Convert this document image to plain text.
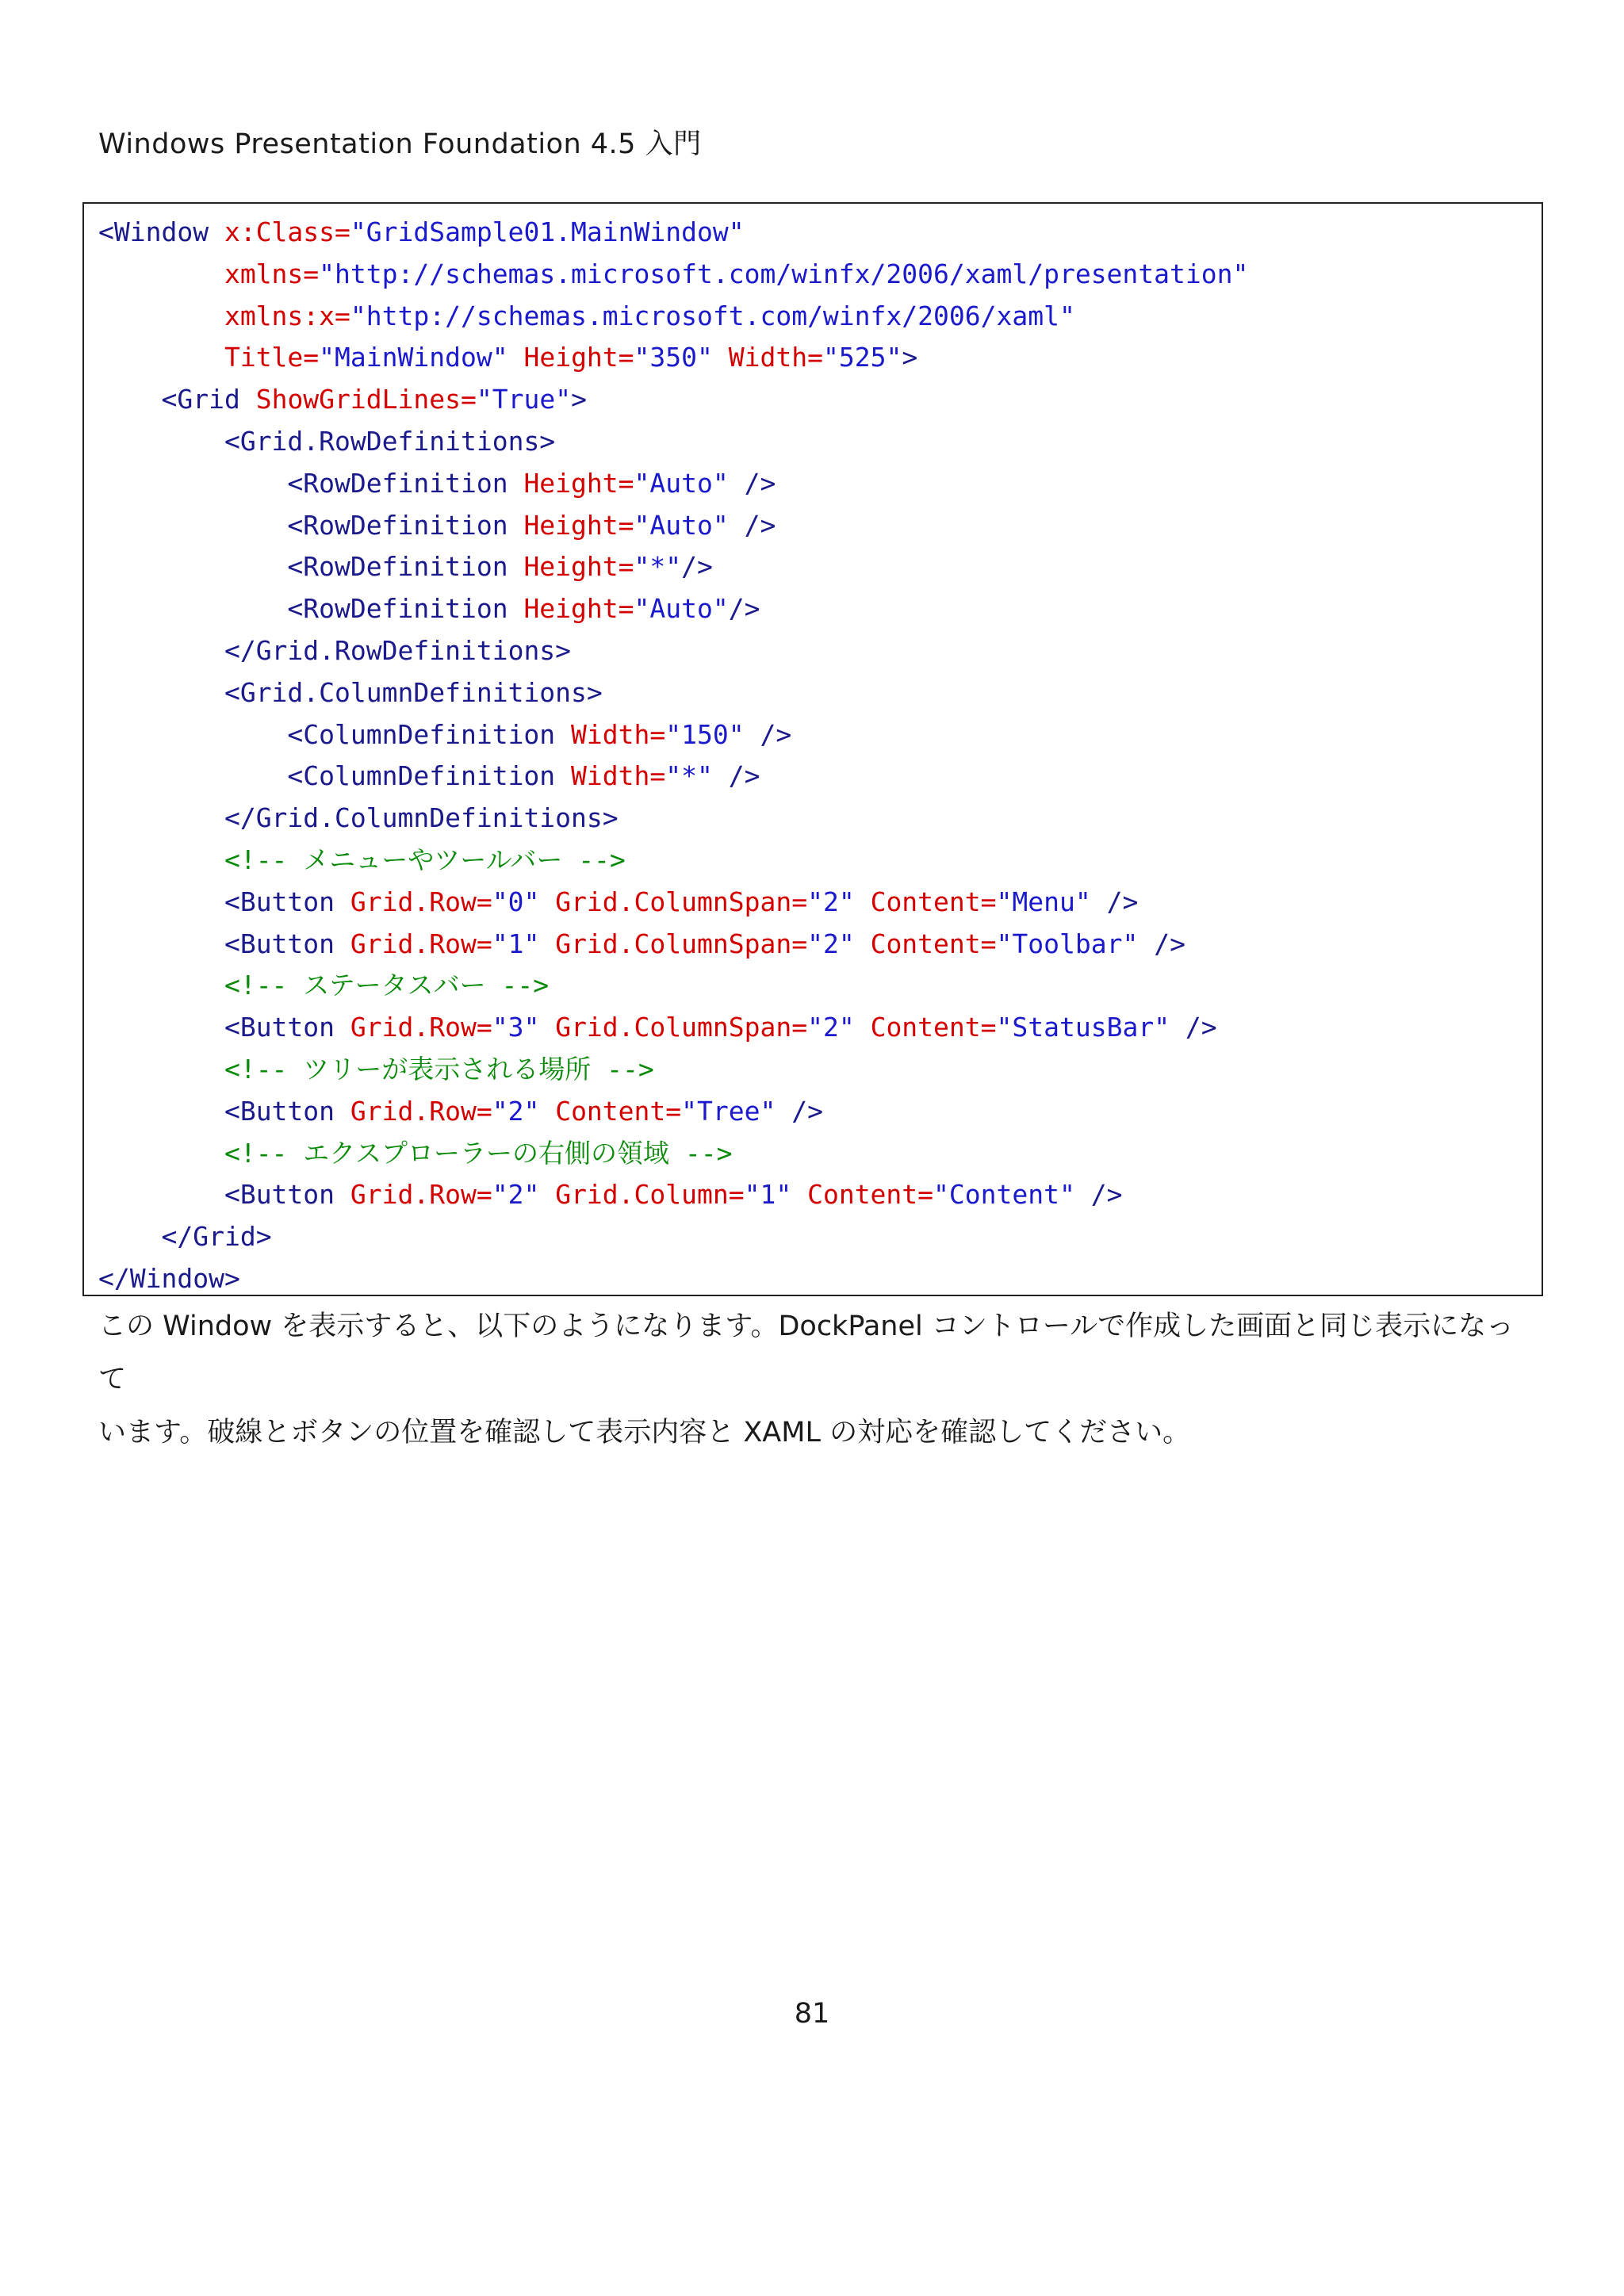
Windows Presentation Foundation 4.5 入門
<Window x:Class="GridSample01.MainWindow"
xmlns="http://schemas.microsoft.com/winfx/2006/xaml/presentation"
xmlns:x="http://schemas.microsoft.com/winfx/2006/xaml"
Title="MainWindow" Height="350" Width="525">
<Grid ShowGridLines="True">
<Grid.RowDefinitions>
<RowDefinition Height="Auto" />
<RowDefinition Height="Auto" />
<RowDefinition Height="*"/>
<RowDefinition Height="Auto"/>
</Grid.RowDefinitions>
<Grid.ColumnDefinitions>
<ColumnDefinition Width="150" />
<ColumnDefinition Width="*" />
</Grid.ColumnDefinitions>
<!-- メニューやツールバー -->
<Button Grid.Row="0" Grid.ColumnSpan="2" Content="Menu" />
<Button Grid.Row="1" Grid.ColumnSpan="2" Content="Toolbar" />
<!-- ステータスバー -->
<Button Grid.Row="3" Grid.ColumnSpan="2" Content="StatusBar" />
<!-- ツリーが表示される場所 -->
<Button Grid.Row="2" Content="Tree" />
<!-- エクスプローラーの右側の領域 -->
<Button Grid.Row="2" Grid.Column="1" Content="Content" />
</Grid>
</Window>
この Window を表示すると、以下のようになります。DockPanel コントロールで作成した画面と同じ表示になって
います。破線とボタンの位置を確認して表示内容と XAML の対応を確認してください。
81
